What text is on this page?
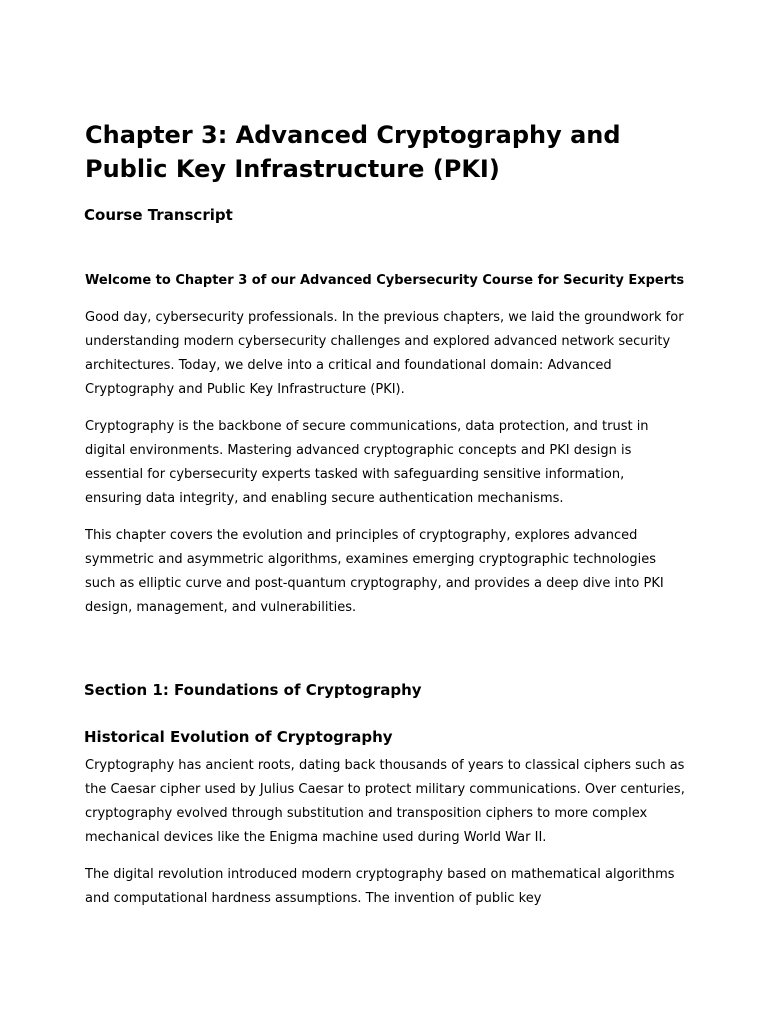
Chapter 3: Advanced Cryptography and Public Key Infrastructure (PKI)
Course Transcript
Welcome to Chapter 3 of our Advanced Cybersecurity Course for Security Experts

Good day, cybersecurity professionals. In the previous chapters, we laid the groundwork for understanding modern cybersecurity challenges and explored advanced network security architectures. Today, we delve into a critical and foundational domain: Advanced Cryptography and Public Key Infrastructure (PKI).

Cryptography is the backbone of secure communications, data protection, and trust in digital environments. Mastering advanced cryptographic concepts and PKI design is essential for cybersecurity experts tasked with safeguarding sensitive information, ensuring data integrity, and enabling secure authentication mechanisms.

This chapter covers the evolution and principles of cryptography, explores advanced symmetric and asymmetric algorithms, examines emerging cryptographic technologies such as elliptic curve and post-quantum cryptography, and provides a deep dive into PKI design, management, and vulnerabilities.

Section 1: Foundations of Cryptography
Historical Evolution of Cryptography

Cryptography has ancient roots, dating back thousands of years to classical ciphers such as the Caesar cipher used by Julius Caesar to protect military communications. Over centuries, cryptography evolved through substitution and transposition ciphers to more complex mechanical devices like the Enigma machine used during World War II.

The digital revolution introduced modern cryptography based on mathematical algorithms and computational hardness assumptions. The invention of public key
